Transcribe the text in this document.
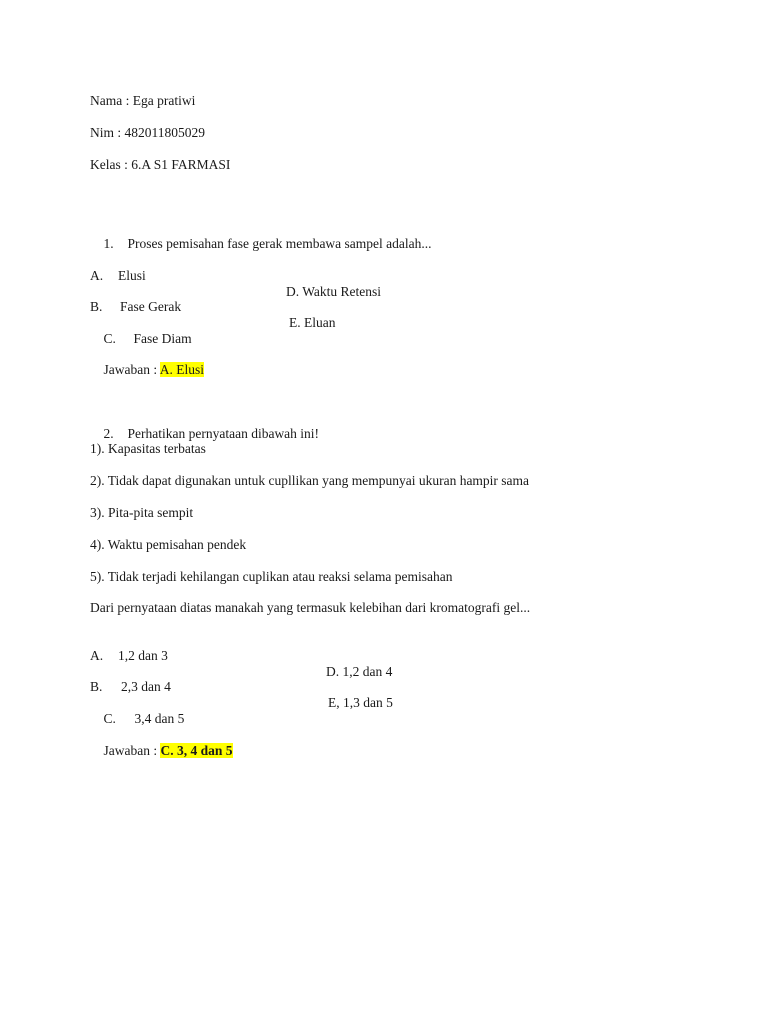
Nama : Ega pratiwi
Nim : 482011805029
Kelas : 6.A S1 FARMASI

1. Proses pemisahan fase gerak membawa sampel adalah...

A. Elusi

D. Waktu Retensi

B. Fase Gerak

E. Eluan

C. Fase Diam

Jawaban : A. Elusi

2. Perhatikan pernyataan dibawah ini!

1). Kapasitas terbatas
2). Tidak dapat digunakan untuk cupllikan yang mempunyai ukuran hampir sama
3). Pita-pita sempit
4). Waktu pemisahan pendek
5). Tidak terjadi kehilangan cuplikan atau reaksi selama pemisahan
Dari pernyataan diatas manakah yang termasuk kelebihan dari kromatografi gel...

A. 1,2 dan 3

D. 1,2 dan 4

B. 2,3 dan 4

E, 1,3 dan 5

C. 3,4 dan 5

Jawaban : C. 3, 4 dan 5
